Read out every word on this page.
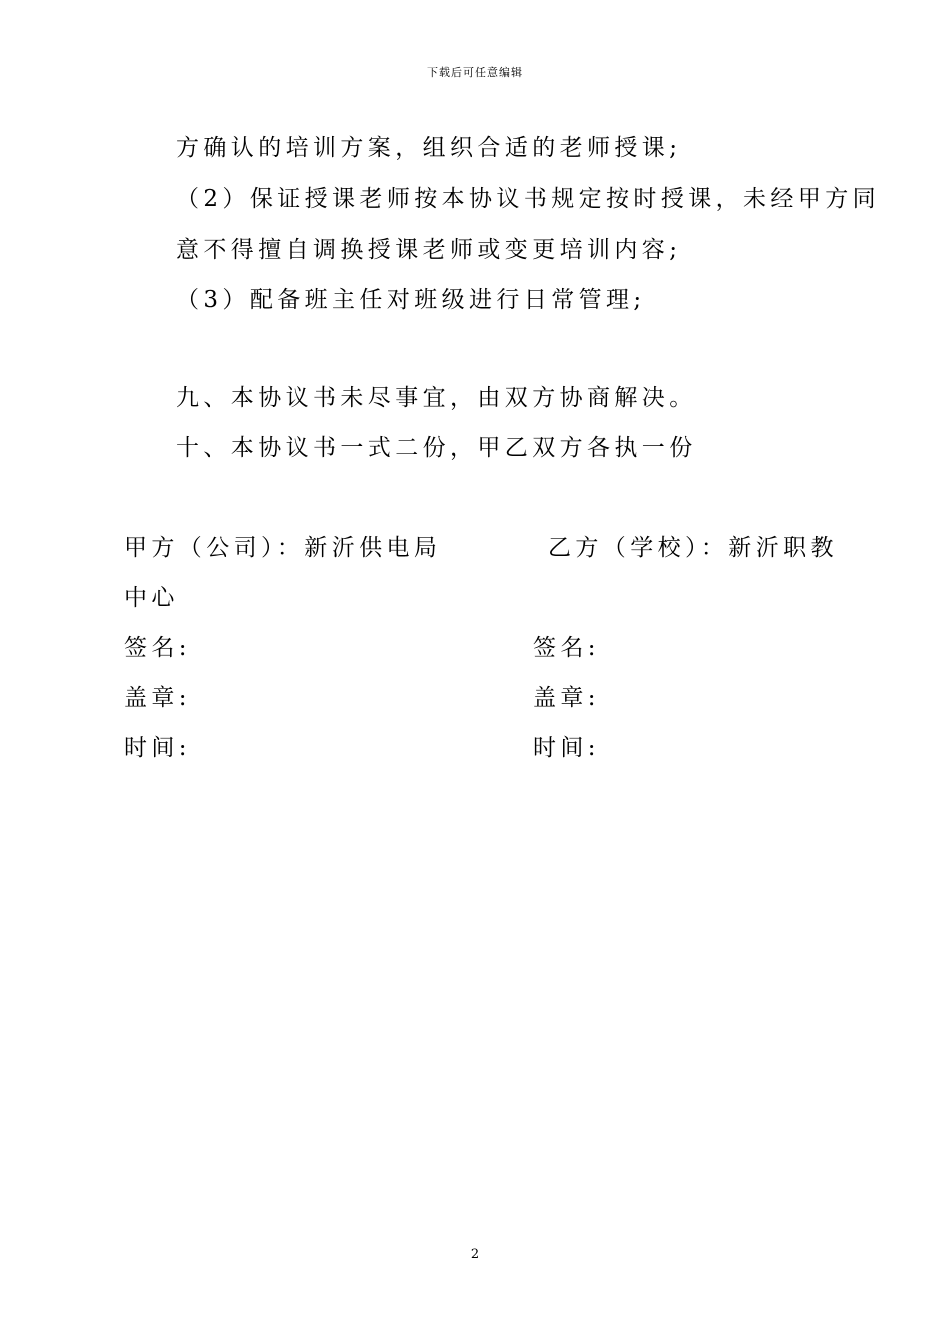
下载后可任意编辑
方确认的培训方案，组织合适的老师授课;
（2）保证授课老师按本协议书规定按时授课，未经甲方同
意不得擅自调换授课老师或变更培训内容;
（3）配备班主任对班级进行日常管理;
九、本协议书未尽事宜，由双方协商解决。
十、本协议书一式二份，甲乙双方各执一份
甲方（公司）：新沂供电局	乙方（学校）：新沂职教
中心
签名:	签名:
盖章:	盖章:
时间:	时间:
2
